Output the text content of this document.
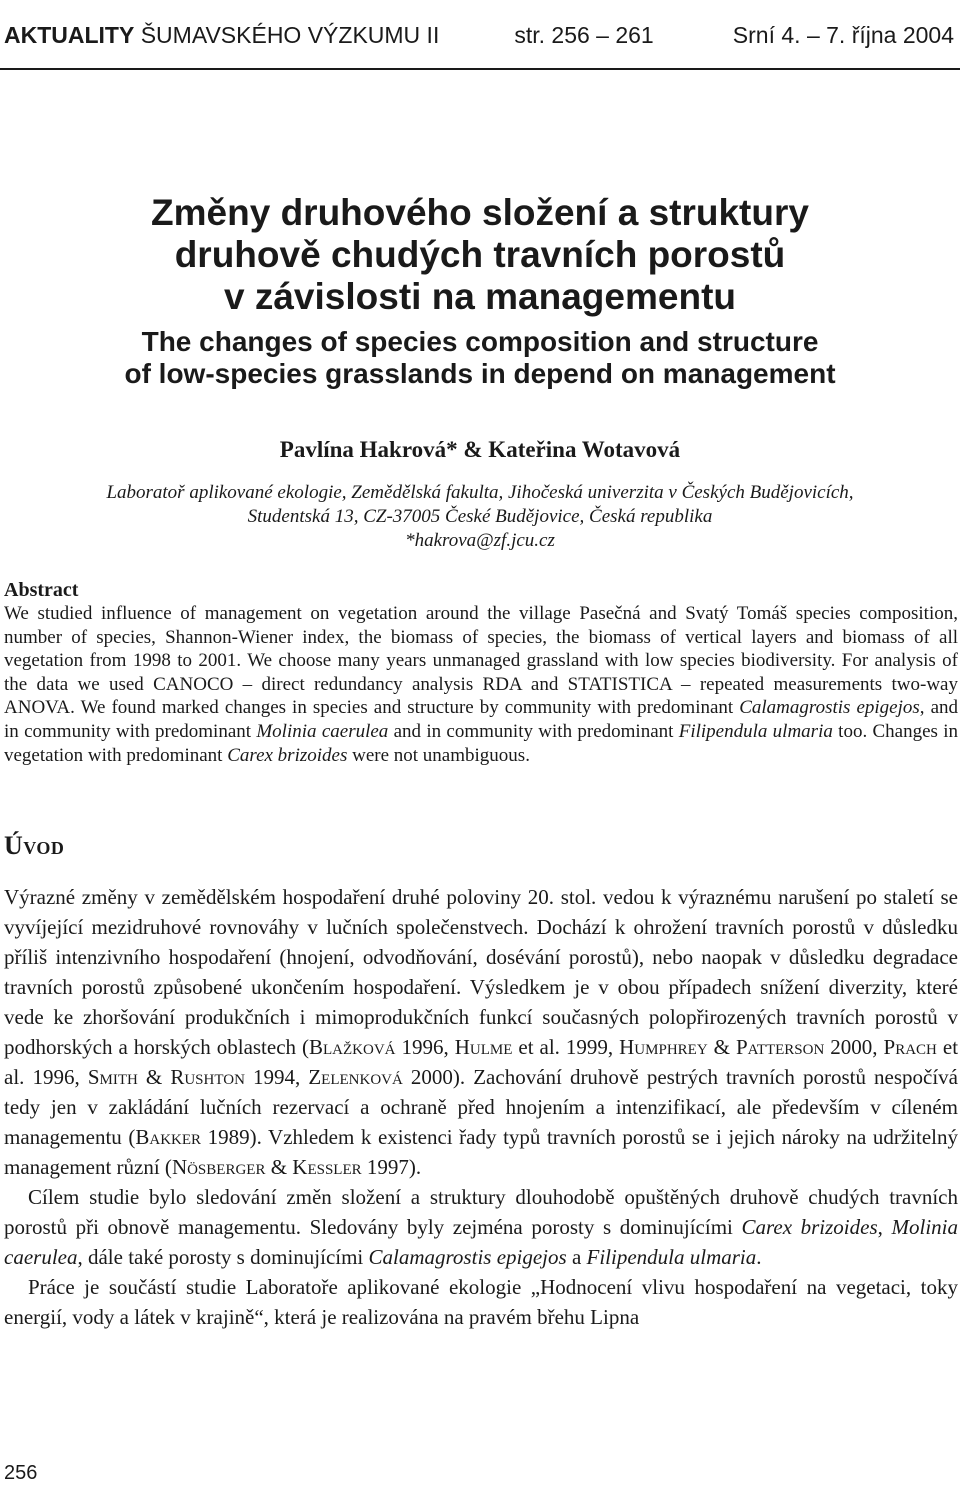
AKTUALITY ŠUMAVSKÉHO VÝZKUMU II	str. 256 – 261	Srní 4. – 7. října 2004
Změny druhového složení a struktury
druhově chudých travních porostů
v závislosti na managementu
The changes of species composition and structure
of low-species grasslands in depend on management
Pavlína Hakrová* & Kateřina Wotavová
Laboratoř aplikované ekologie, Zemědělská fakulta, Jihočeská univerzita v Českých Budějovicích,
Studentská 13, CZ-37005 České Budějovice, Česká republika
*hakrova@zf.jcu.cz
Abstract

We studied influence of management on vegetation around the village Pasečná and Svatý Tomáš species composition, number of species, Shannon-Wiener index, the biomass of species, the biomass of vertical layers and biomass of all vegetation from 1998 to 2001. We choose many years unmanaged grassland with low species biodiversity. For analysis of the data we used CANOCO – direct redundancy analysis RDA and STATISTICA – repeated measurements two-way ANOVA. We found marked changes in species and structure by community with predominant Calamagrostis epigejos, and in community with predominant Molinia caerulea and in community with predominant Filipendula ulmaria too. Changes in vegetation with predominant Carex brizoides were not unambiguous.

Úvod

Výrazné změny v zemědělském hospodaření druhé poloviny 20. stol. vedou k výraznému narušení po staletí se vyvíjející mezidruhové rovnováhy v lučních společenstvech. Dochází k ohrožení travních porostů v důsledku příliš intenzivního hospodaření (hnojení, odvodňování, dosévání porostů), nebo naopak v důsledku degradace travních porostů způsobené ukončením hospodaření. Výsledkem je v obou případech snížení diverzity, které vede ke zhoršování produkčních i mimoprodukčních funkcí současných polopřirozených travních porostů v podhorských a horských oblastech (Blažková 1996, Hulme et al. 1999, Humphrey & Patterson 2000, Prach et al. 1996, Smith & Rushton 1994, Zelenková 2000). Zachování druhově pestrých travních porostů nespočívá tedy jen v zakládání lučních rezervací a ochraně před hnojením a intenzifikací, ale především v cíleném managementu (Bakker 1989). Vzhledem k existenci řady typů travních porostů se i jejich nároky na udržitelný management různí (Nösberger & Kessler 1997).

Cílem studie bylo sledování změn složení a struktury dlouhodobě opuštěných druhově chudých travních porostů při obnově managementu. Sledovány byly zejména porosty s dominujícími Carex brizoides, Molinia caerulea, dále také porosty s dominujícími Calamagrostis epigejos a Filipendula ulmaria.

Práce je součástí studie Laboratoře aplikované ekologie „Hodnocení vlivu hospodaření na vegetaci, toky energií, vody a látek v krajině“, která je realizována na pravém břehu Lipna

256
